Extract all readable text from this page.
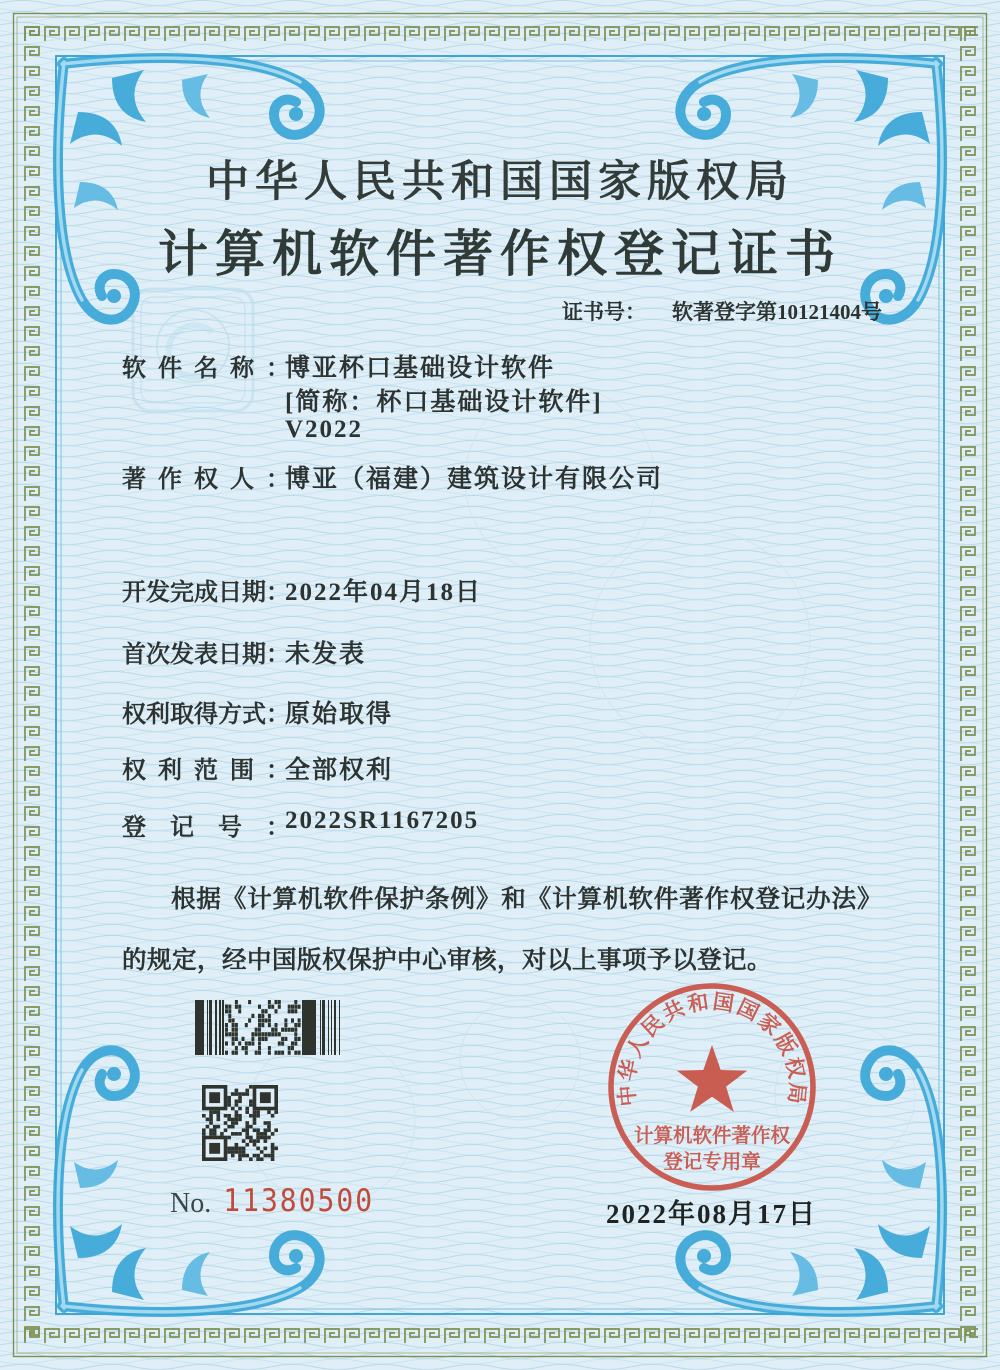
中华人民共和国国家版权局
计算机软件著作权登记证书
证书号： 软著登字第10121404号
软件名称：
博亚杯口基础设计软件
[简称：杯口基础设计软件]
V2022
著作权人：
博亚（福建）建筑设计有限公司
开发完成日期：
2022年04月18日
首次发表日期：
未发表
权利取得方式：
原始取得
权利范围：
全部权利
登记号：
2022SR1167205
根据《计算机软件保护条例》和《计算机软件著作权登记办法》的规定，经中国版权保护中心审核，对以上事项予以登记。
No. 11380500
中华人民共和国国家版权局
计算机软件著作权
登记专用章
2022年08月17日
